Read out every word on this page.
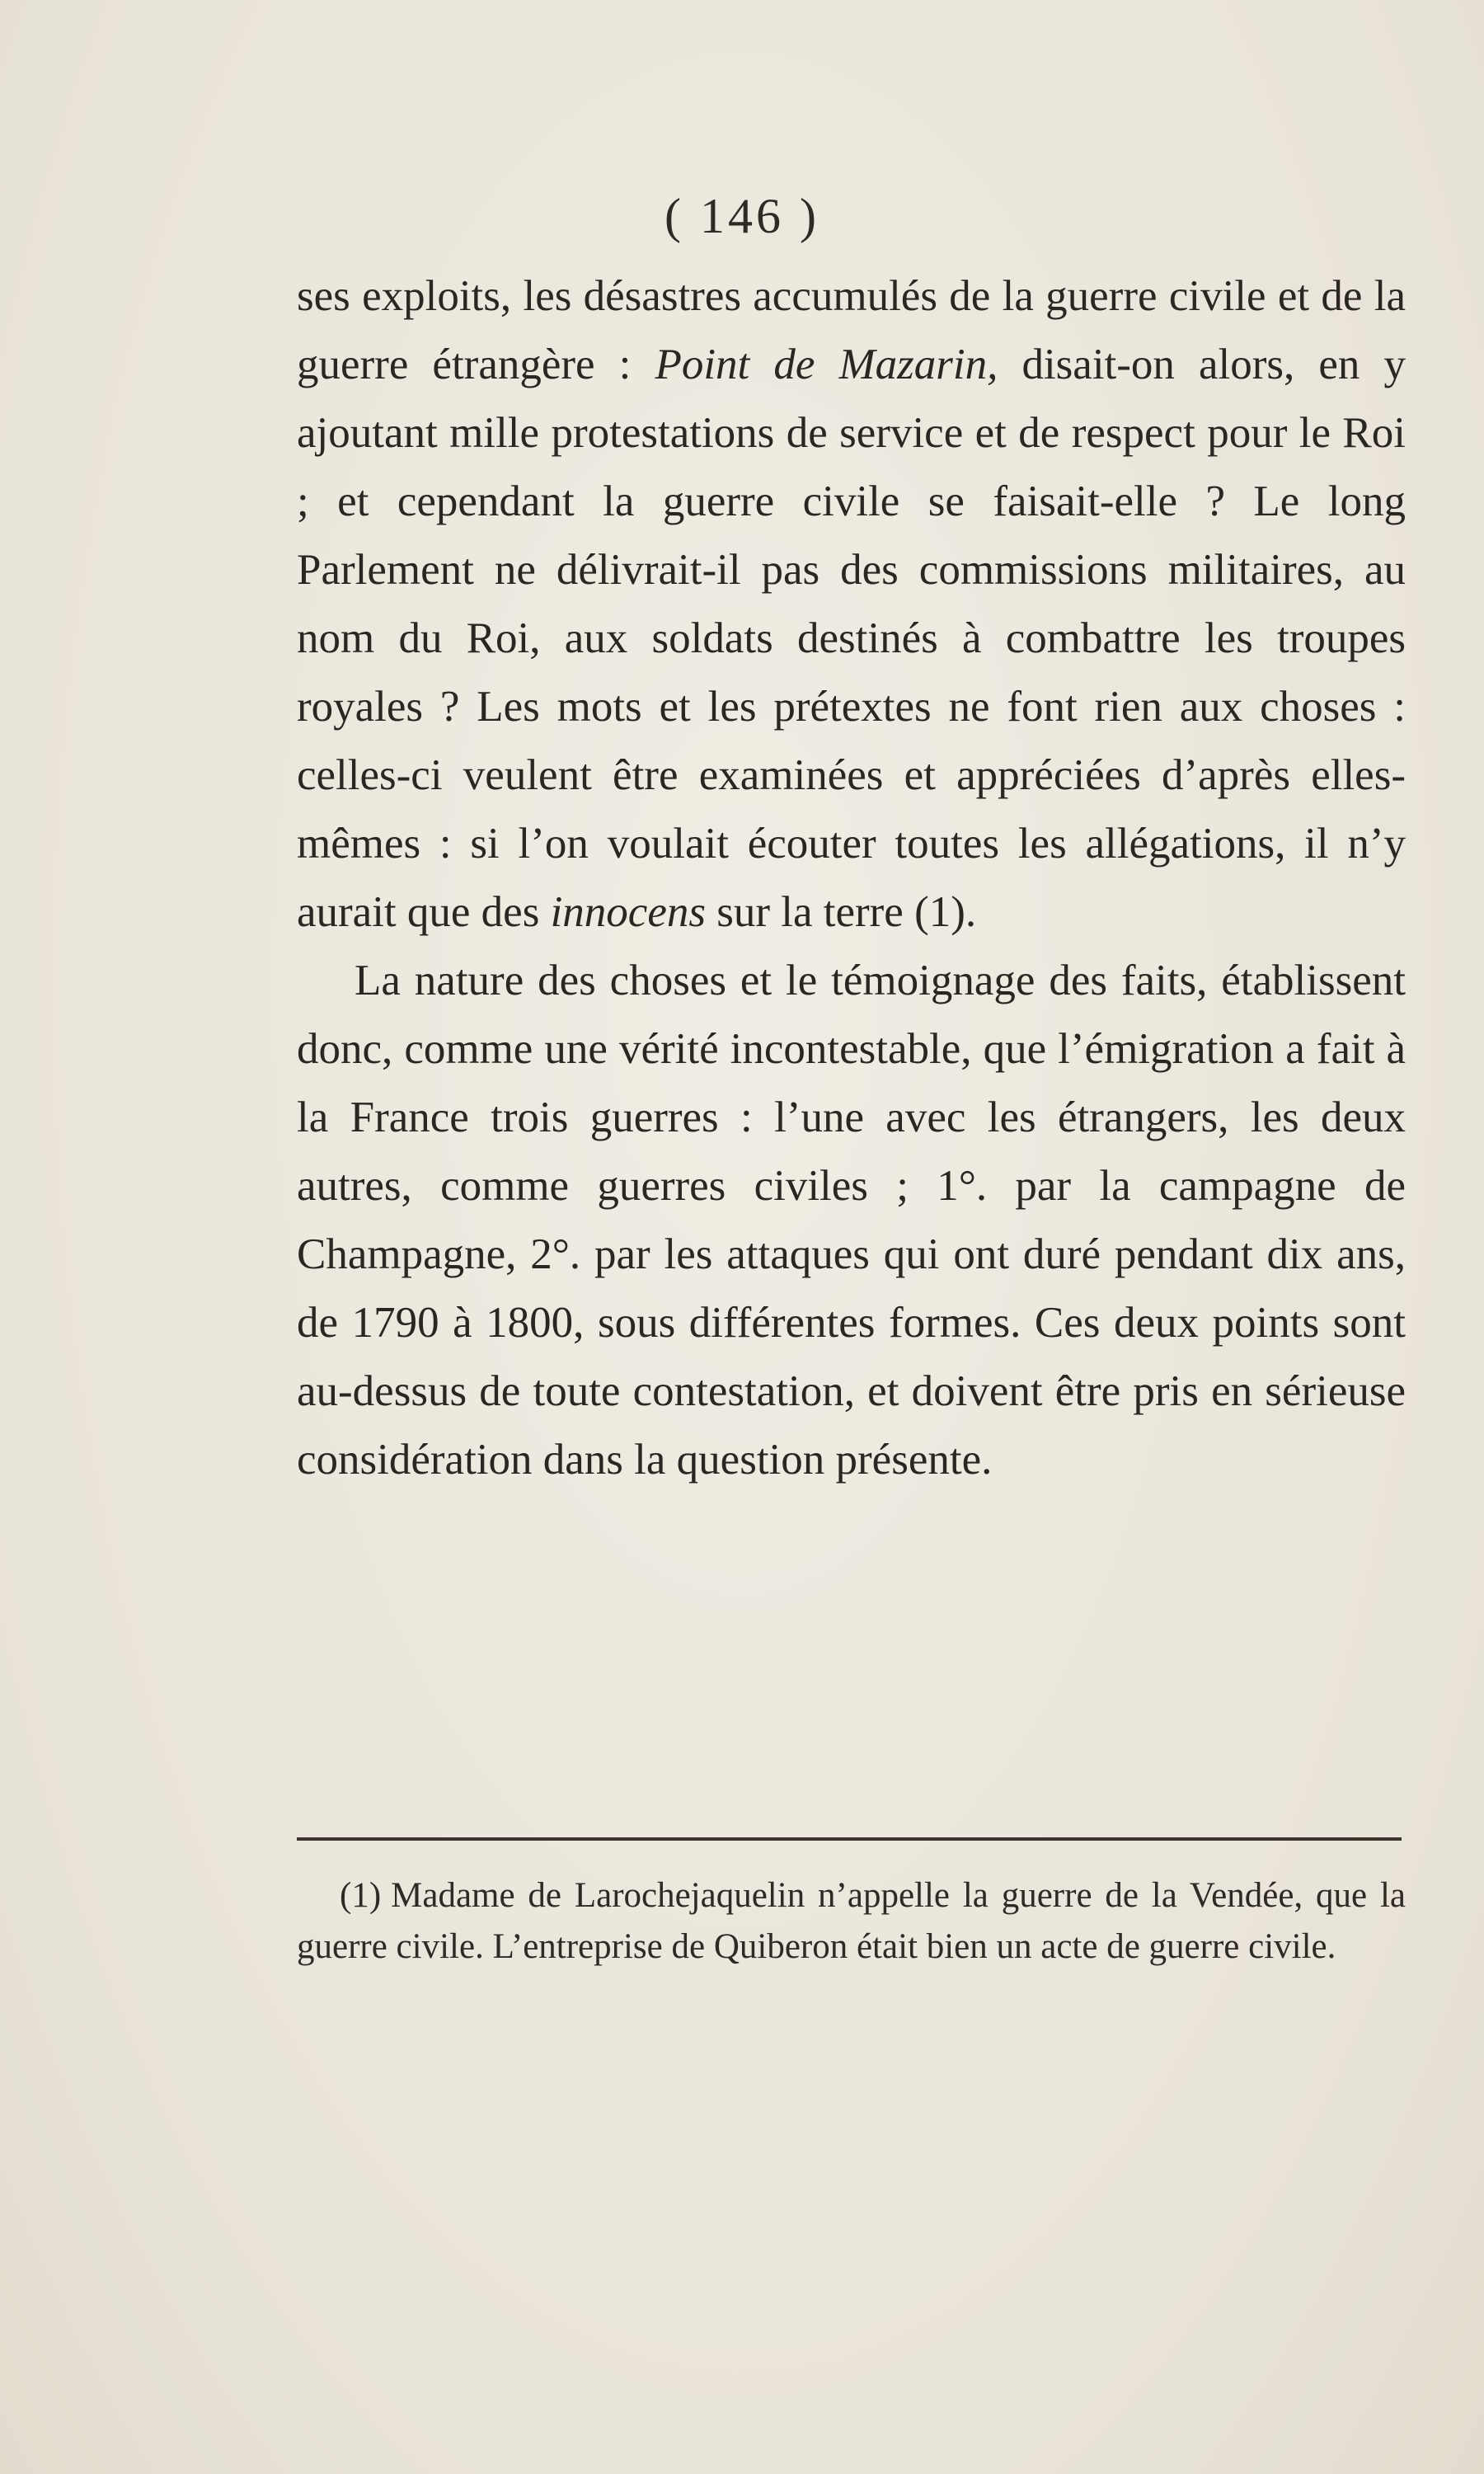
( 146 )

ses exploits, les désastres accumulés de la guerre civile et de la guerre étrangère : Point de Mazarin, disait-on alors, en y ajoutant mille protestations de service et de respect pour le Roi ; et cependant la guerre civile se faisait-elle ? Le long Parlement ne délivrait-il pas des commissions militaires, au nom du Roi, aux soldats destinés à combattre les troupes royales ? Les mots et les prétextes ne font rien aux choses : celles-ci veulent être examinées et appréciées d’après elles-mêmes : si l’on voulait écouter toutes les allégations, il n’y aurait que des innocens sur la terre (1).

La nature des choses et le témoignage des faits, établissent donc, comme une vérité incontestable, que l’émigration a fait à la France trois guerres : l’une avec les étrangers, les deux autres, comme guerres civiles ; 1°. par la campagne de Champagne, 2°. par les attaques qui ont duré pendant dix ans, de 1790 à 1800, sous différentes formes. Ces deux points sont au-dessus de toute contestation, et doivent être pris en sérieuse considération dans la question présente.

(1) Madame de Larochejaquelin n’appelle la guerre de la Vendée, que la guerre civile. L’entreprise de Quiberon était bien un acte de guerre civile.
